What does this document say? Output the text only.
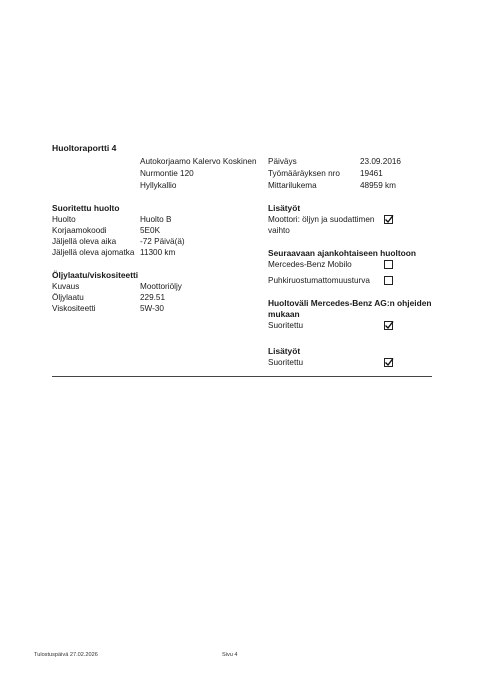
Huoltoraportti 4
Autokorjaamo Kalervo Koskinen
Nurmontie 120
Hyllykallio
Päiväys	23.09.2016
Työmääräyksen nro 19461
Mittarilukema	48959 km
Suoritettu huolto
Huolto	Huolto B
Korjaamokoodi	5E0K
Jäljellä oleva aika	-72 Päivä(ä)
Jäljellä oleva ajomatka 11300 km
Öljylaatu/viskositeetti
Kuvaus	Moottoriöljy
Öljylaatu	229.51
Viskositeetti	5W-30
Lisätyöt
Moottori: öljyn ja suodattimen
vaihto
Seuraavaan ajankohtaiseen huoltoon
Mercedes-Benz Mobilo
Puhkiruostumattomuusturva
Huoltoväli Mercedes-Benz AG:n ohjeiden
mukaan
Suoritettu
Lisätyöt
Suoritettu
Tulostuspäivä 27.02.2026	Sivu 4
